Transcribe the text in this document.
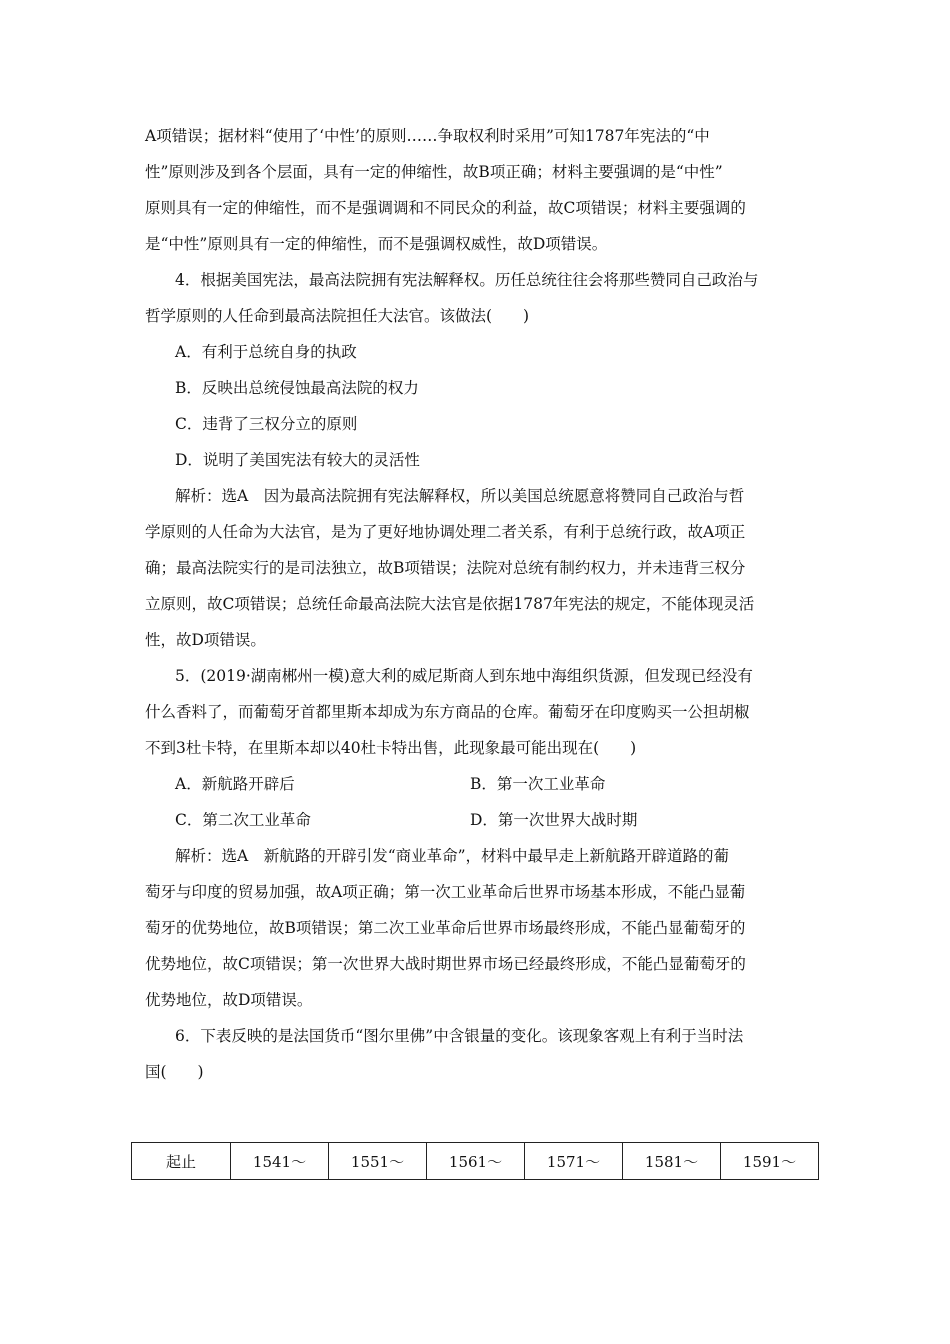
A项错误；据材料“使用了‘中性’的原则……争取权利时采用”可知1787年宪法的“中
性”原则涉及到各个层面，具有一定的伸缩性，故B项正确；材料主要强调的是“中性”
原则具有一定的伸缩性，而不是强调调和不同民众的利益，故C项错误；材料主要强调的
是“中性”原则具有一定的伸缩性，而不是强调权威性，故D项错误。
4．根据美国宪法，最高法院拥有宪法解释权。历任总统往往会将那些赞同自己政治与
哲学原则的人任命到最高法院担任大法官。该做法(　　)
A．有利于总统自身的执政
B．反映出总统侵蚀最高法院的权力
C．违背了三权分立的原则
D．说明了美国宪法有较大的灵活性
解析：选A　因为最高法院拥有宪法解释权，所以美国总统愿意将赞同自己政治与哲
学原则的人任命为大法官，是为了更好地协调处理二者关系，有利于总统行政，故A项正
确；最高法院实行的是司法独立，故B项错误；法院对总统有制约权力，并未违背三权分
立原则，故C项错误；总统任命最高法院大法官是依据1787年宪法的规定，不能体现灵活
性，故D项错误。
5．(2019·湖南郴州一模)意大利的威尼斯商人到东地中海组织货源，但发现已经没有
什么香料了，而葡萄牙首都里斯本却成为东方商品的仓库。葡萄牙在印度购买一公担胡椒
不到3杜卡特，在里斯本却以40杜卡特出售，此现象最可能出现在(　　)
A．新航路开辟后	B．第一次工业革命
C．第二次工业革命	D．第一次世界大战时期
解析：选A　新航路的开辟引发“商业革命”，材料中最早走上新航路开辟道路的葡
萄牙与印度的贸易加强，故A项正确；第一次工业革命后世界市场基本形成，不能凸显葡
萄牙的优势地位，故B项错误；第二次工业革命后世界市场最终形成，不能凸显葡萄牙的
优势地位，故C项错误；第一次世界大战时期世界市场已经最终形成，不能凸显葡萄牙的
优势地位，故D项错误。
6．下表反映的是法国货币“图尔里佛”中含银量的变化。该现象客观上有利于当时法
国(　　)
起止	1541～	1551～	1561～	1571～	1581～	1591～
